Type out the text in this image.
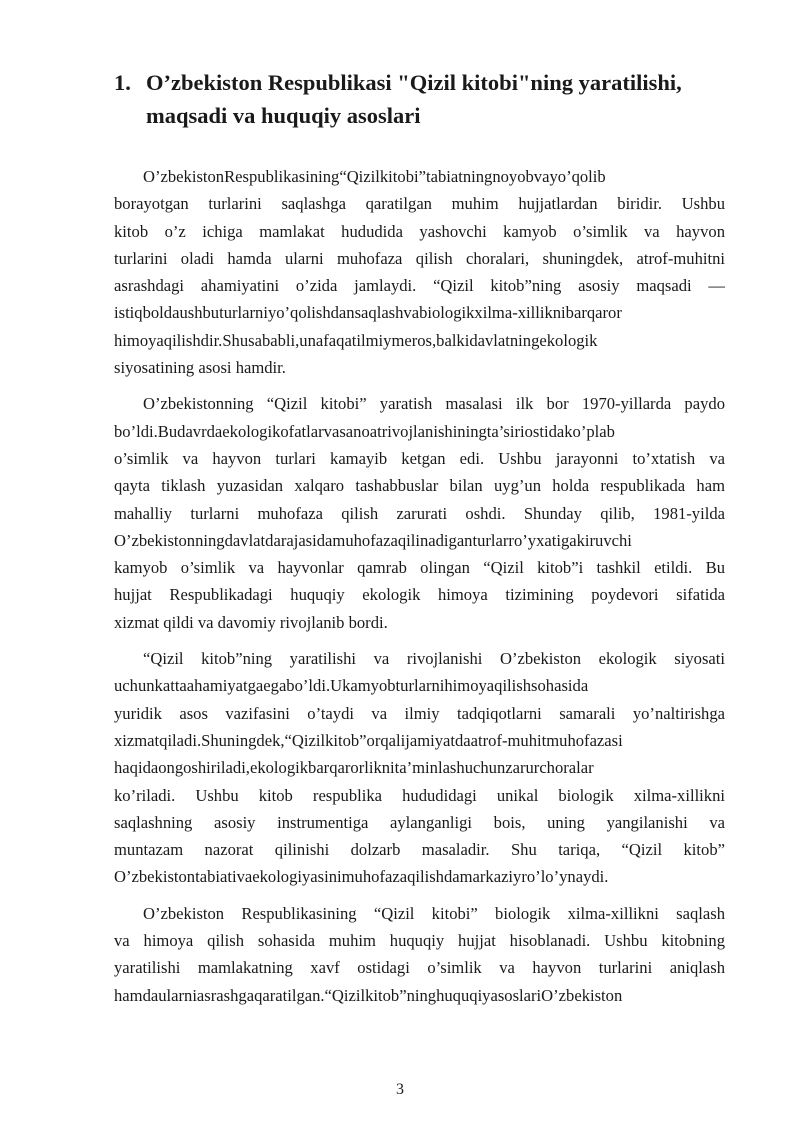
1. O’zbekiston Respublikasi "Qizil kitobi"ning yaratilishi,
maqsadi va huquqiy asoslari
O’zbekistonRespublikasining“Qizilkitobi”tabiatningnoyobvayo’qolib
borayotgan turlarini saqlashga qaratilgan muhim hujjatlardan biridir. Ushbu
kitob o’z ichiga mamlakat hududida yashovchi kamyob o’simlik va hayvon
turlarini oladi hamda ularni muhofaza qilish choralari, shuningdek, atrof-muhitni
asrashdagi ahamiyatini o’zida jamlaydi. “Qizil kitob”ning asosiy maqsadi —
istiqboldaushbuturlarniyo’qolishdansaqlashvabiologikxilma-xilliknibarqaror
himoyaqilishdir.Shusababli,unafaqatilmiymeros,balkidavlatningekologik
siyosatining asosi hamdir.
O’zbekistonning “Qizil kitobi” yaratish masalasi ilk bor 1970-yillarda paydo
bo’ldi.Budavrdaekologikofatlarvasanoatrivojlanishiningta’siriostidako’plab
o’simlik va hayvon turlari kamayib ketgan edi. Ushbu jarayonni to’xtatish va
qayta tiklash yuzasidan xalqaro tashabbuslar bilan uyg’un holda respublikada ham
mahalliy turlarni muhofaza qilish zarurati oshdi. Shunday qilib, 1981-yilda
O’zbekistonningdavlatdarajasidamuhofazaqilinadiganturlarro’yxatigakiruvchi
kamyob o’simlik va hayvonlar qamrab olingan “Qizil kitob”i tashkil etildi. Bu
hujjat Respublikadagi huquqiy ekologik himoya tizimining poydevori sifatida
xizmat qildi va davomiy rivojlanib bordi.
“Qizil kitob”ning yaratilishi va rivojlanishi O’zbekiston ekologik siyosati
uchunkattaahamiyatgaegabo’ldi.Ukamyobturlarnihimoyaqilishsohasida
yuridik asos vazifasini o’taydi va ilmiy tadqiqotlarni samarali yo’naltirishga
xizmatqiladi.Shuningdek,“Qizilkitob”orqalijamiyatdaatrof-muhitmuhofazasi
haqidaongoshiriladi,ekologikbarqarorliknita’minlashuchunzarurchoralar
ko’riladi. Ushbu kitob respublika hududidagi unikal biologik xilma-xillikni
saqlashning asosiy instrumentiga aylanganligi bois, uning yangilanishi va
muntazam nazorat qilinishi dolzarb masaladir. Shu tariqa, “Qizil kitob”
O’zbekistontabiativaekologiyasinimuhofazaqilishdamarkaziyro’lo’ynaydi.
O’zbekiston Respublikasining “Qizil kitobi” biologik xilma-xillikni saqlash
va himoya qilish sohasida muhim huquqiy hujjat hisoblanadi. Ushbu kitobning
yaratilishi mamlakatning xavf ostidagi o’simlik va hayvon turlarini aniqlash
hamdaularniasrashgaqaratilgan.“Qizilkitob”ninghuquqiyasoslariO’zbekiston
3
